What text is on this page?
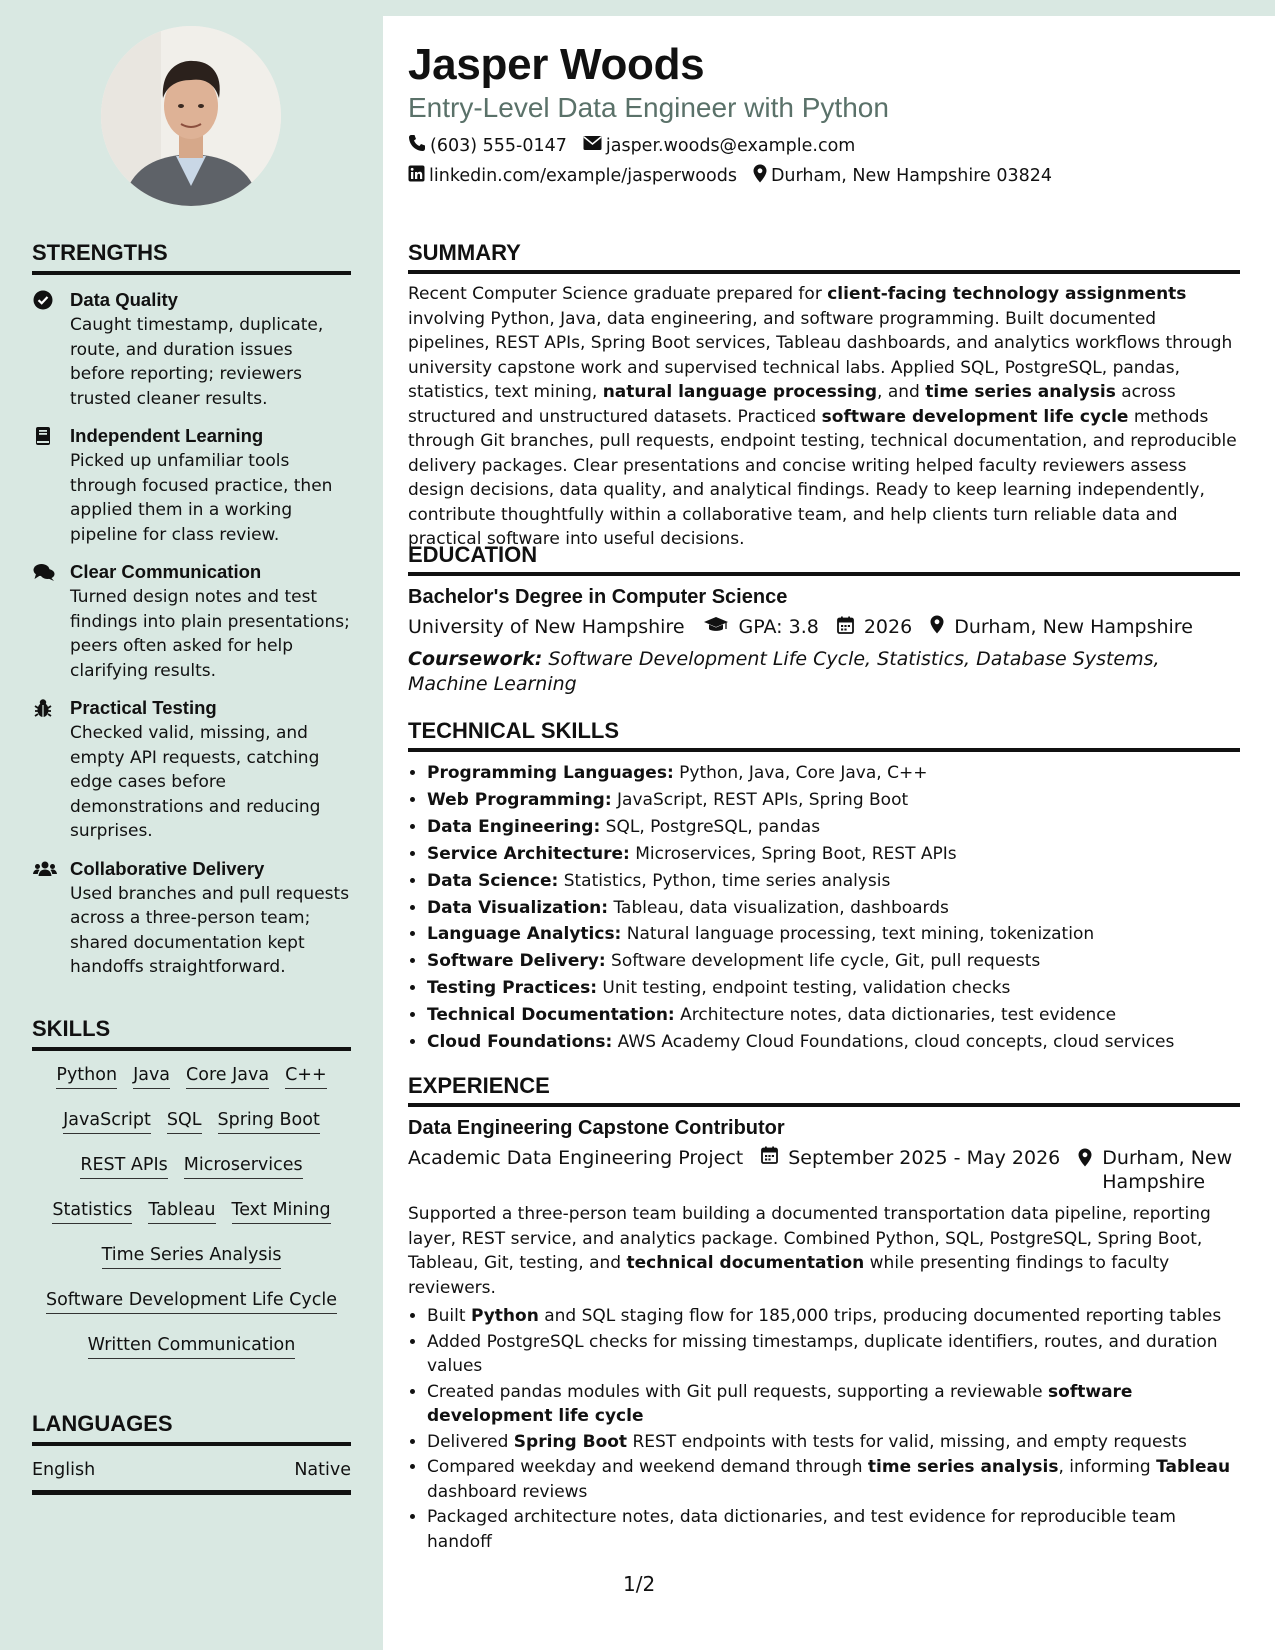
STRENGTHS
Data Quality
Caught timestamp, duplicate, route, and duration issues before reporting; reviewers trusted cleaner results.
Independent Learning
Picked up unfamiliar tools through focused practice, then applied them in a working pipeline for class review.
Clear Communication
Turned design notes and test findings into plain presentations; peers often asked for help clarifying results.
Practical Testing
Checked valid, missing, and empty API requests, catching edge cases before demonstrations and reducing surprises.
Collaborative Delivery
Used branches and pull requests across a three-person team; shared documentation kept handoffs straightforward.
SKILLS
Python Java Core Java C++
JavaScript SQL Spring Boot
REST APIs Microservices
Statistics Tableau Text Mining
Time Series Analysis
Software Development Life Cycle
Written Communication
LANGUAGES
English	Native
Jasper Woods
Entry-Level Data Engineer with Python
(603) 555-0147 jasper.woods@example.com
linkedin.com/example/jasperwoods Durham, New Hampshire 03824
SUMMARY
Recent Computer Science graduate prepared for client-facing technology assignments involving Python, Java, data engineering, and software programming. Built documented pipelines, REST APIs, Spring Boot services, Tableau dashboards, and analytics workflows through university capstone work and supervised technical labs. Applied SQL, PostgreSQL, pandas, statistics, text mining, natural language processing, and time series analysis across structured and unstructured datasets. Practiced software development life cycle methods through Git branches, pull requests, endpoint testing, technical documentation, and reproducible delivery packages. Clear presentations and concise writing helped faculty reviewers assess design decisions, data quality, and analytical findings. Ready to keep learning independently, contribute thoughtfully within a collaborative team, and help clients turn reliable data and practical software into useful decisions.
EDUCATION
Bachelor's Degree in Computer Science
University of New Hampshire	GPA: 3.8 2026 Durham, New Hampshire
Coursework: Software Development Life Cycle, Statistics, Database Systems, Machine Learning
TECHNICAL SKILLS
• Programming Languages: Python, Java, Core Java, C++
• Web Programming: JavaScript, REST APIs, Spring Boot
• Data Engineering: SQL, PostgreSQL, pandas
• Service Architecture: Microservices, Spring Boot, REST APIs
• Data Science: Statistics, Python, time series analysis
• Data Visualization: Tableau, data visualization, dashboards
• Language Analytics: Natural language processing, text mining, tokenization
• Software Delivery: Software development life cycle, Git, pull requests
• Testing Practices: Unit testing, endpoint testing, validation checks
• Technical Documentation: Architecture notes, data dictionaries, test evidence
• Cloud Foundations: AWS Academy Cloud Foundations, cloud concepts, cloud services
EXPERIENCE
Data Engineering Capstone Contributor
Academic Data Engineering Project September 2025 - May 2026 Durham, New Hampshire
Supported a three-person team building a documented transportation data pipeline, reporting layer, REST service, and analytics package. Combined Python, SQL, PostgreSQL, Spring Boot, Tableau, Git, testing, and technical documentation while presenting findings to faculty reviewers.
• Built Python and SQL staging flow for 185,000 trips, producing documented reporting tables
• Added PostgreSQL checks for missing timestamps, duplicate identifiers, routes, and duration values
• Created pandas modules with Git pull requests, supporting a reviewable software development life cycle
• Delivered Spring Boot REST endpoints with tests for valid, missing, and empty requests
• Compared weekday and weekend demand through time series analysis, informing Tableau dashboard reviews
• Packaged architecture notes, data dictionaries, and test evidence for reproducible team handoff
1/2
